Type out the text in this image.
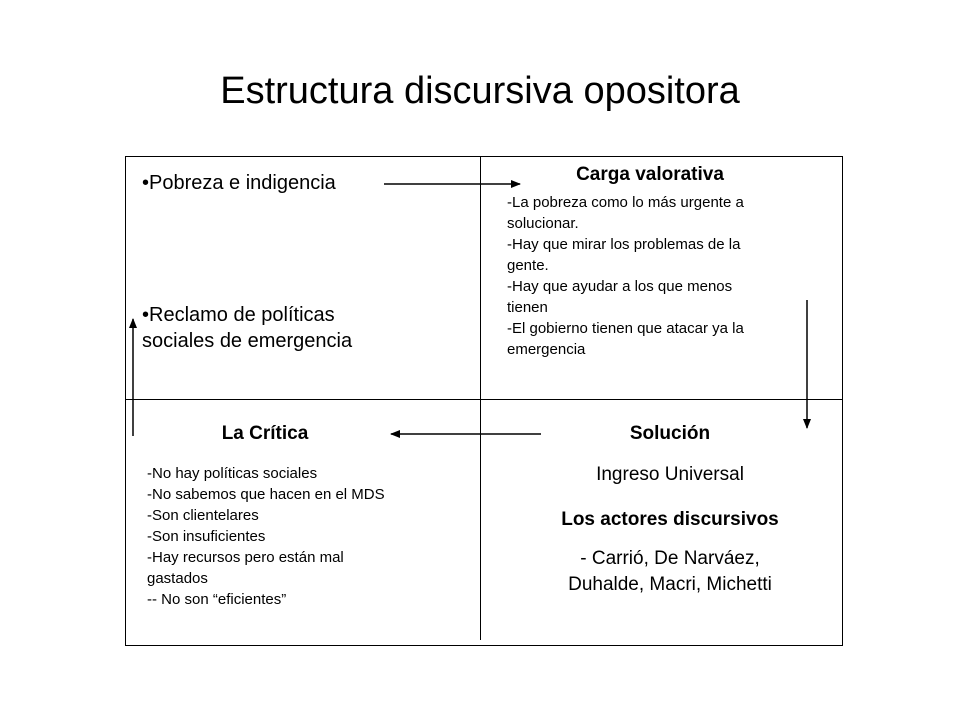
Estructura discursiva opositora
•Pobreza e indigencia
•Reclamo de políticas
sociales de emergencia
Carga valorativa
-La pobreza como lo más urgente a
solucionar.
-Hay que mirar los problemas de la
gente.
-Hay que ayudar a los que menos
tienen
-El gobierno tienen que atacar ya la
emergencia
La Crítica
-No hay políticas sociales
-No sabemos que hacen en el MDS
-Son clientelares
-Son insuficientes
-Hay recursos pero están mal
gastados
-- No son “eficientes”
Solución
Ingreso Universal
Los actores discursivos
- Carrió, De Narváez,
Duhalde, Macri, Michetti
